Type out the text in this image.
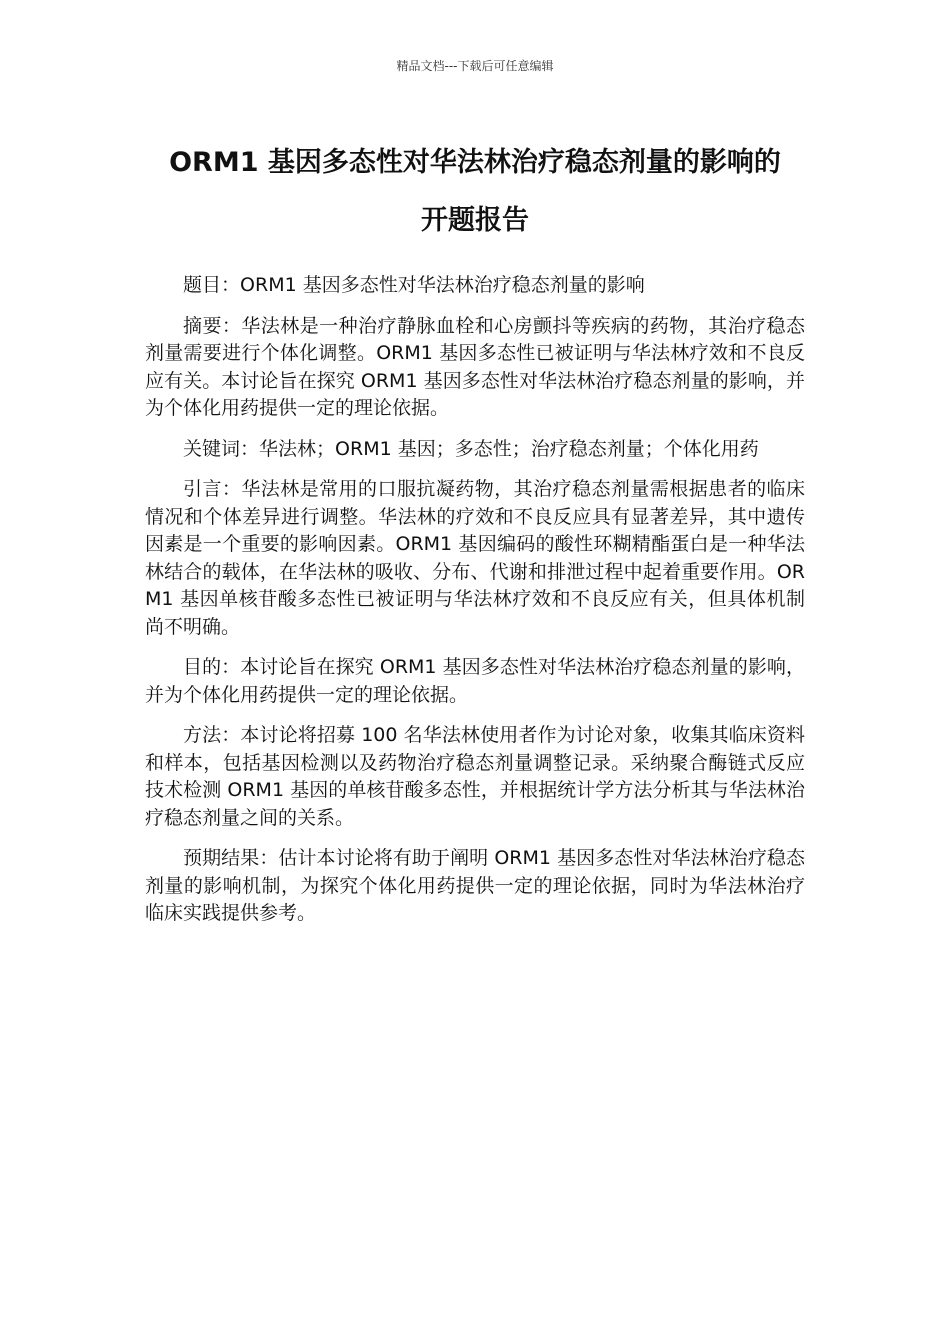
精品文档---下载后可任意编辑
ORM1 基因多态性对华法林治疗稳态剂量的影响的
开题报告

题目：ORM1 基因多态性对华法林治疗稳态剂量的影响

摘要：华法林是一种治疗静脉血栓和心房颤抖等疾病的药物，其治疗稳态剂量需要进行个体化调整。ORM1 基因多态性已被证明与华法林疗效和不良反应有关。本讨论旨在探究 ORM1 基因多态性对华法林治疗稳态剂量的影响，并为个体化用药提供一定的理论依据。

关键词：华法林；ORM1 基因；多态性；治疗稳态剂量；个体化用药

引言：华法林是常用的口服抗凝药物，其治疗稳态剂量需根据患者的临床情况和个体差异进行调整。华法林的疗效和不良反应具有显著差异，其中遗传因素是一个重要的影响因素。ORM1 基因编码的酸性环糊精酯蛋白是一种华法林结合的载体，在华法林的吸收、分布、代谢和排泄过程中起着重要作用。ORM1 基因单核苷酸多态性已被证明与华法林疗效和不良反应有关，但具体机制尚不明确。

目的：本讨论旨在探究 ORM1 基因多态性对华法林治疗稳态剂量的影响，并为个体化用药提供一定的理论依据。

方法：本讨论将招募 100 名华法林使用者作为讨论对象，收集其临床资料和样本，包括基因检测以及药物治疗稳态剂量调整记录。采纳聚合酶链式反应技术检测 ORM1 基因的单核苷酸多态性，并根据统计学方法分析其与华法林治疗稳态剂量之间的关系。

预期结果：估计本讨论将有助于阐明 ORM1 基因多态性对华法林治疗稳态剂量的影响机制，为探究个体化用药提供一定的理论依据，同时为华法林治疗临床实践提供参考。
